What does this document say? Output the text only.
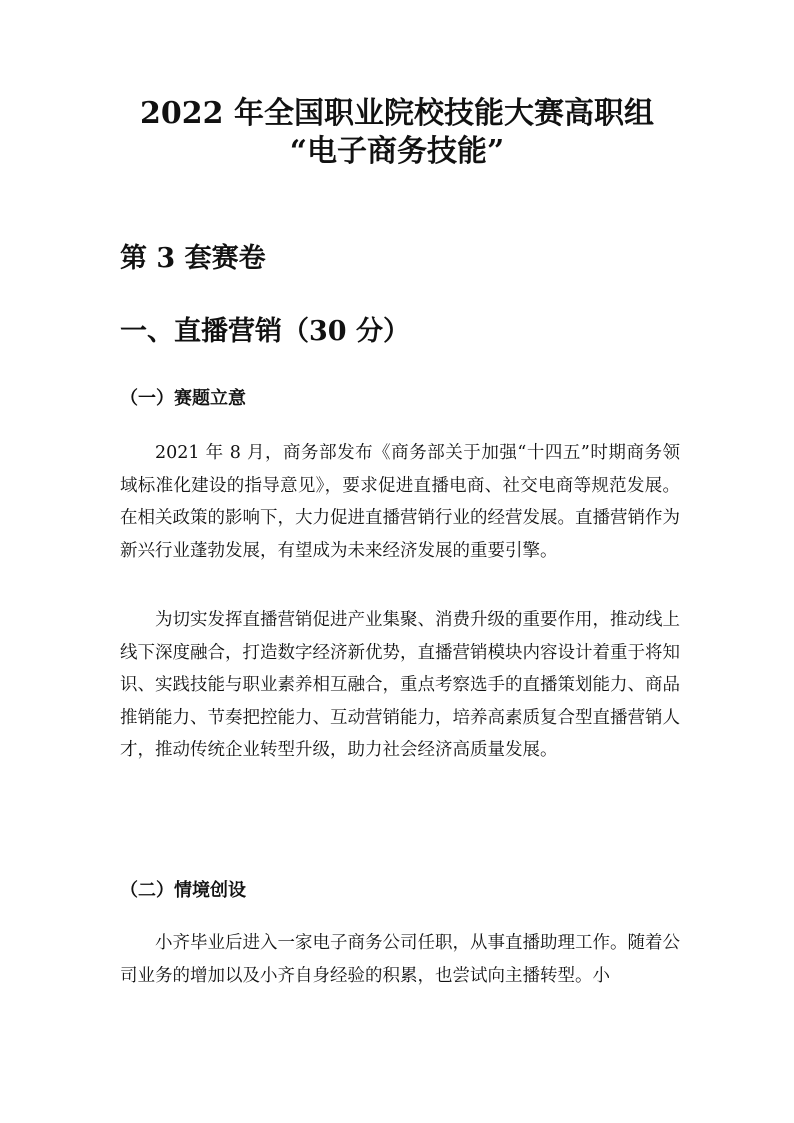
2022 年全国职业院校技能大赛高职组
“电子商务技能”
第 3 套赛卷
一、直播营销（30 分）
（一）赛题立意

2021 年 8 月，商务部发布《商务部关于加强“十四五”时期商务领域标准化建设的指导意见》，要求促进直播电商、社交电商等规范发展。在相关政策的影响下，大力促进直播营销行业的经营发展。直播营销作为新兴行业蓬勃发展，有望成为未来经济发展的重要引擎。

为切实发挥直播营销促进产业集聚、消费升级的重要作用，推动线上线下深度融合，打造数字经济新优势，直播营销模块内容设计着重于将知识、实践技能与职业素养相互融合，重点考察选手的直播策划能力、商品推销能力、节奏把控能力、互动营销能力，培养高素质复合型直播营销人才，推动传统企业转型升级，助力社会经济高质量发展。

（二）情境创设

小齐毕业后进入一家电子商务公司任职，从事直播助理工作。随着公司业务的增加以及小齐自身经验的积累，也尝试向主播转型。小
